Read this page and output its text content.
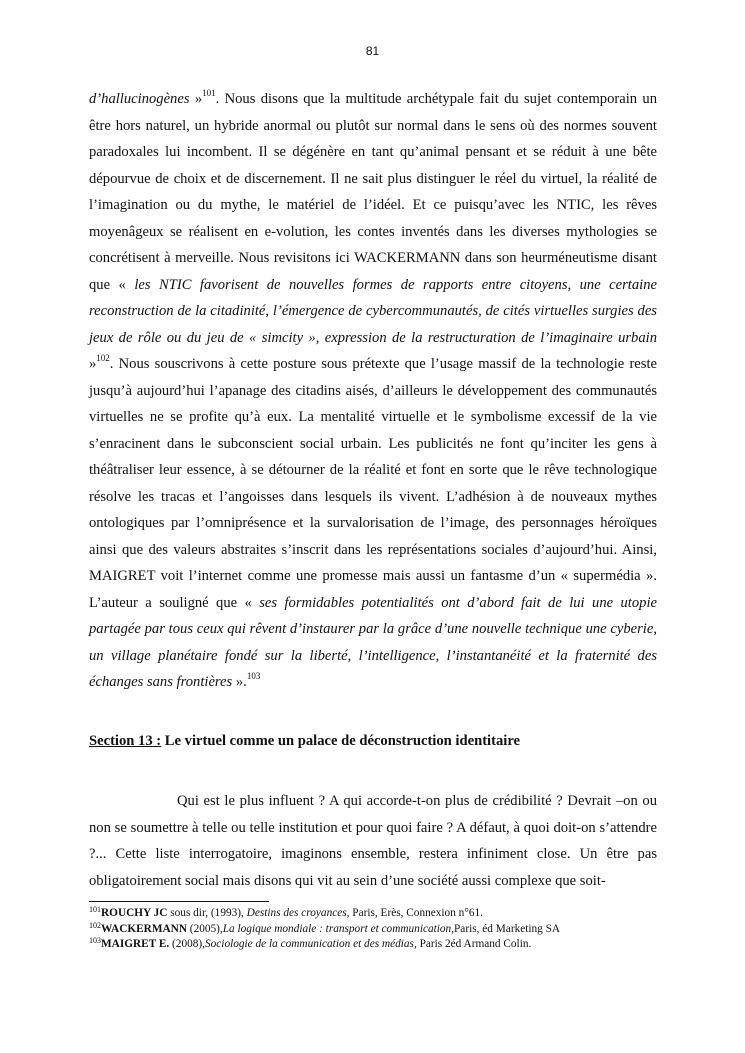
81

d’hallucinogènes »$^{101}$. Nous disons que la multitude archétypale fait du sujet contemporain un être hors naturel, un hybride anormal ou plutôt sur normal dans le sens où des normes souvent paradoxales lui incombent. Il se dégénère en tant qu’animal pensant et se réduit à une bête dépourvue de choix et de discernement. Il ne sait plus distinguer le réel du virtuel, la réalité de l’imagination ou du mythe, le matériel de l’idéel. Et ce puisqu’avec les NTIC, les rêves moyenâgeux se réalisent en e-volution, les contes inventés dans les diverses mythologies se concrétisent à merveille. Nous revisitons ici WACKERMANN dans son heurméneutisme disant que « les NTIC favorisent de nouvelles formes de rapports entre citoyens, une certaine reconstruction de la citadinité, l’émergence de cybercommunautés, de cités virtuelles surgies des jeux de rôle ou du jeu de « simcity », expression de la restructuration de l’imaginaire urbain »$^{102}$. Nous souscrivons à cette posture sous prétexte que l’usage massif de la technologie reste jusqu’à aujourd’hui l’apanage des citadins aisés, d’ailleurs le développement des communautés virtuelles ne se profite qu’à eux. La mentalité virtuelle et le symbolisme excessif de la vie s’enracinent dans le subconscient social urbain. Les publicités ne font qu’inciter les gens à théâtraliser leur essence, à se détourner de la réalité et font en sorte que le rêve technologique résolve les tracas et l’angoisses dans lesquels ils vivent. L’adhésion à de nouveaux mythes ontologiques par l’omniprésence et la survalorisation de l’image, des personnages héroïques ainsi que des valeurs abstraites s’inscrit dans les représentations sociales d’aujourd’hui. Ainsi, MAIGRET voit l’internet comme une promesse mais aussi un fantasme d’un « supermédia ». L’auteur a souligné que « ses formidables potentialités ont d’abord fait de lui une utopie partagée par tous ceux qui rêvent d’instaurer par la grâce d’une nouvelle technique une cyberie, un village planétaire fondé sur la liberté, l’intelligence, l’instantanéité et la fraternité des échanges sans frontières ».$^{103}$

Section 13 : Le virtuel comme un palace de déconstruction identitaire

Qui est le plus influent ? A qui accorde-t-on plus de crédibilité ? Devrait –on ou non se soumettre à telle ou telle institution et pour quoi faire ? A défaut, à quoi doit-on s’attendre ?... Cette liste interrogatoire, imaginons ensemble, restera infiniment close. Un être pas obligatoirement social mais disons qui vit au sein d’une société aussi complexe que soit-

$^{101}$ROUCHY JC sous dir, (1993), Destins des croyances, Paris, Erès, Connexion n°61.
$^{102}$WACKERMANN (2005),La logique mondiale : transport et communication,Paris, éd Marketing SA
$^{103}$MAIGRET E. (2008),Sociologie de la communication et des médias, Paris 2éd Armand Colin.
